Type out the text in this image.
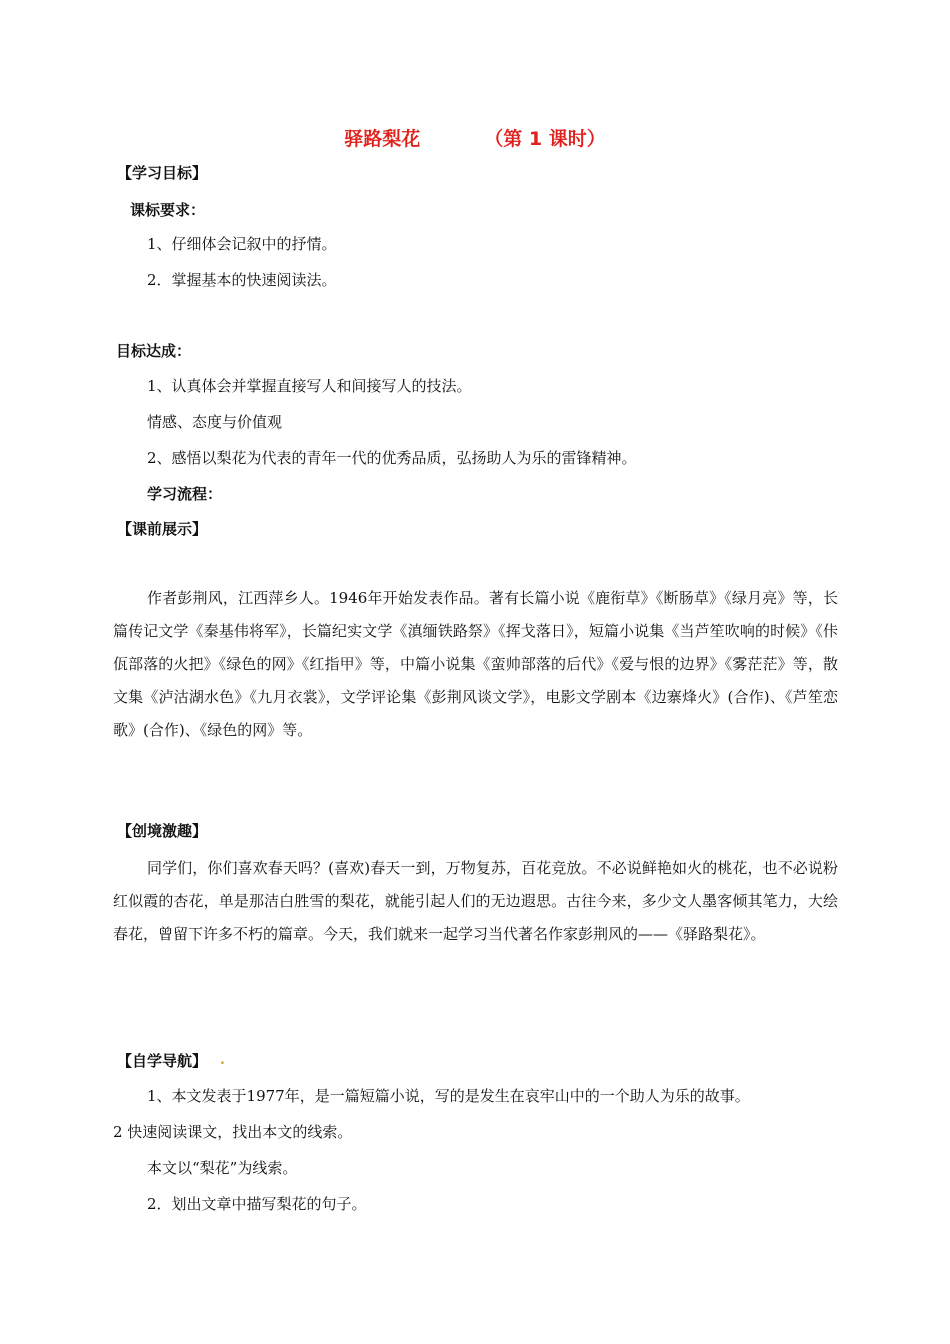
驿路梨花	（第 1 课时）
【学习目标】
课标要求：
1、仔细体会记叙中的抒情。
2．掌握基本的快速阅读法。
目标达成：
1、认真体会并掌握直接写人和间接写人的技法。
情感、态度与价值观
2、感悟以梨花为代表的青年一代的优秀品质，弘扬助人为乐的雷锋精神。
学习流程：
【课前展示】
作者彭荆风，江西萍乡人。1946年开始发表作品。著有长篇小说《鹿衔草》《断肠草》《绿月亮》等，长篇传记文学《秦基伟将军》，长篇纪实文学《滇缅铁路祭》《挥戈落日》，短篇小说集《当芦笙吹响的时候》《佧佤部落的火把》《绿色的网》《红指甲》等，中篇小说集《蛮帅部落的后代》《爱与恨的边界》《雾茫茫》等，散文集《泸沽湖水色》《九月衣裳》，文学评论集《彭荆风谈文学》，电影文学剧本《边寨烽火》(合作)、《芦笙恋歌》(合作)、《绿色的网》等。
【创境激趣】
同学们，你们喜欢春天吗？(喜欢)春天一到，万物复苏，百花竞放。不必说鲜艳如火的桃花，也不必说粉红似霞的杏花，单是那洁白胜雪的梨花，就能引起人们的无边遐思。古往今来，多少文人墨客倾其笔力，大绘春花，曾留下许多不朽的篇章。今天，我们就来一起学习当代著名作家彭荆风的——《驿路梨花》。
【自学导航】 .
1、本文发表于1977年，是一篇短篇小说，写的是发生在哀牢山中的一个助人为乐的故事。
2 快速阅读课文，找出本文的线索。
本文以“梨花”为线索。
2．划出文章中描写梨花的句子。
